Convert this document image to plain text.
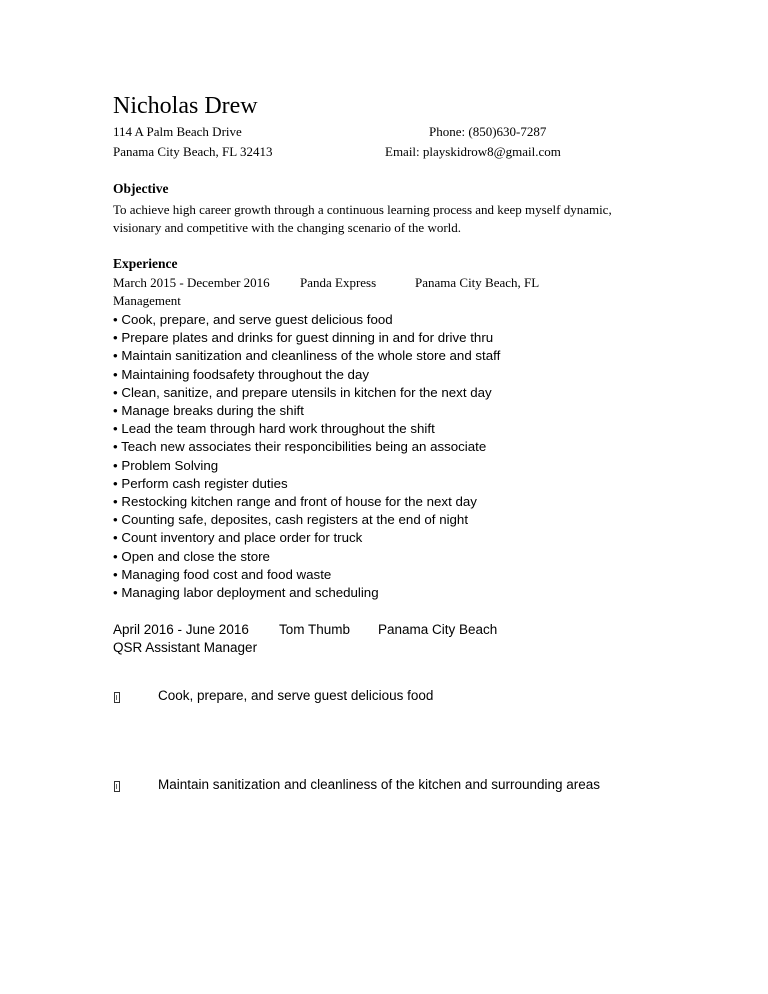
Nicholas Drew
114 A Palm Beach Drive	Phone: (850)630-7287
Panama City Beach, FL 32413	Email: playskidrow8@gmail.com
Objective
To achieve high career growth through a continuous learning process and keep myself dynamic,
visionary and competitive with the changing scenario of the world.
Experience
March 2015 - December 2016 Panda Express	Panama City Beach, FL
Management
• Cook, prepare, and serve guest delicious food
• Prepare plates and drinks for guest dinning in and for drive thru
• Maintain sanitization and cleanliness of the whole store and staff
• Maintaining foodsafety throughout the day
• Clean, sanitize, and prepare utensils in kitchen for the next day
• Manage breaks during the shift
• Lead the team through hard work throughout the shift
• Teach new associates their responcibilities being an associate
• Problem Solving
• Perform cash register duties
• Restocking kitchen range and front of house for the next day
• Counting safe, deposites, cash registers at the end of night
• Count inventory and place order for truck
• Open and close the store
• Managing food cost and food waste
• Managing labor deployment and scheduling
April 2016 - June 2016 Tom Thumb Panama City Beach
QSR Assistant Manager
Cook, prepare, and serve guest delicious food
Maintain sanitization and cleanliness of the kitchen and surrounding areas
